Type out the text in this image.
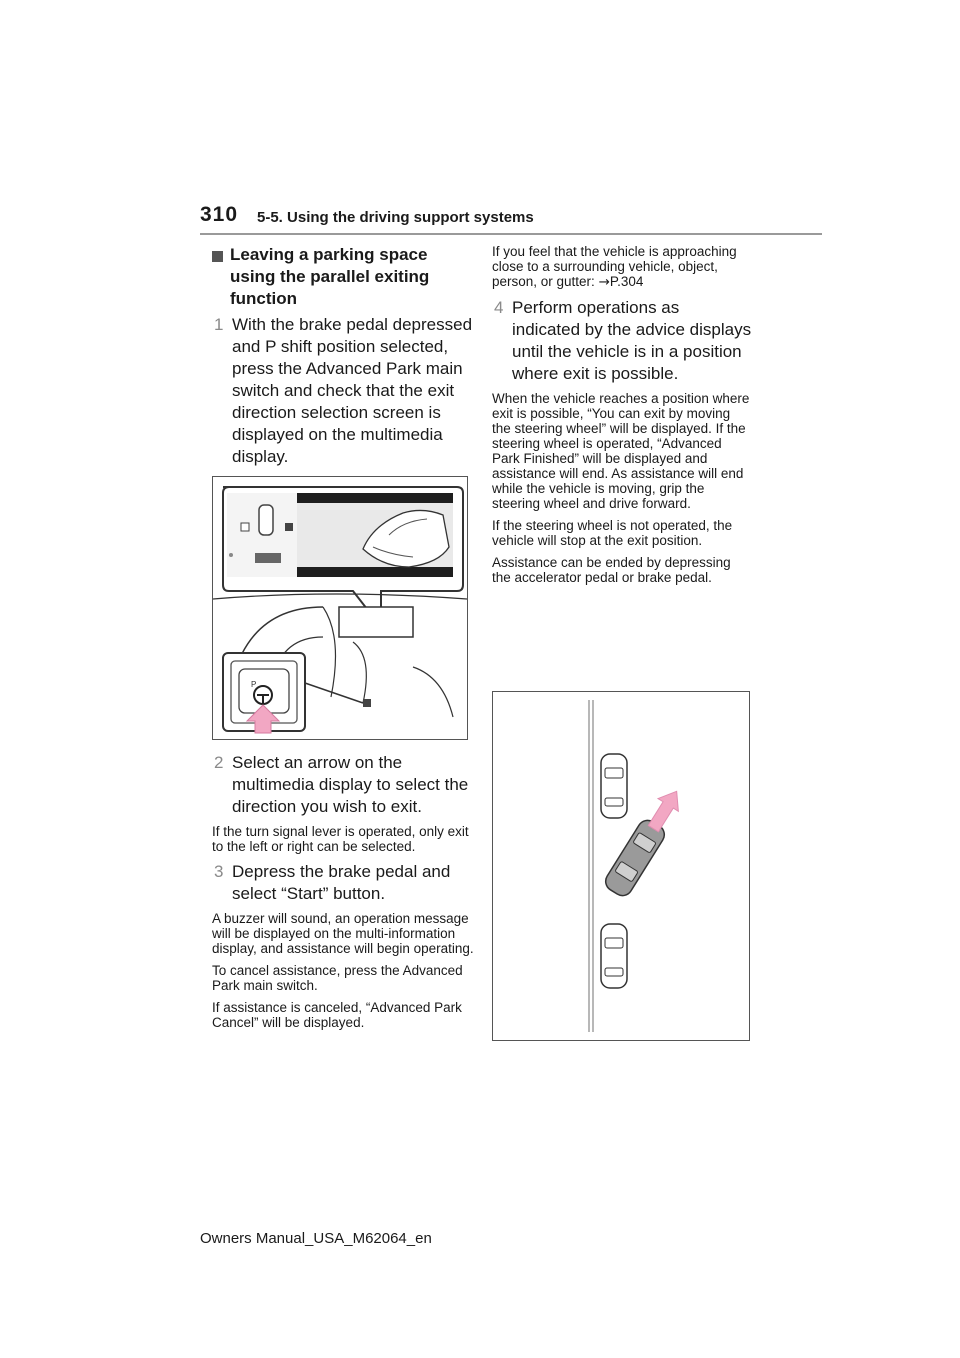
310 5-5. Using the driving support systems
Leaving a parking space using the parallel exiting function
1 With the brake pedal depressed and P shift position selected, press the Advanced Park main switch and check that the exit direction selection screen is displayed on the multimedia display.
P
2 Select an arrow on the multimedia display to select the direction you wish to exit.

If the turn signal lever is operated, only exit to the left or right can be selected.

3 Depress the brake pedal and select “Start” button.

A buzzer will sound, an operation message will be displayed on the multi-information display, and assistance will begin operating.

To cancel assistance, press the Advanced Park main switch.

If assistance is canceled, “Advanced Park Cancel” will be displayed.

If you feel that the vehicle is approaching close to a surrounding vehicle, object, person, or gutter: →P.304

4 Perform operations as indicated by the advice displays until the vehicle is in a position where exit is possible.

When the vehicle reaches a position where exit is possible, “You can exit by moving the steering wheel” will be displayed. If the steering wheel is operated, “Advanced Park Finished” will be displayed and assistance will end. As assistance will end while the vehicle is moving, grip the steering wheel and drive forward.

If the steering wheel is not operated, the vehicle will stop at the exit position.

Assistance can be ended by depressing the accelerator pedal or brake pedal.

Owners Manual_USA_M62064_en
